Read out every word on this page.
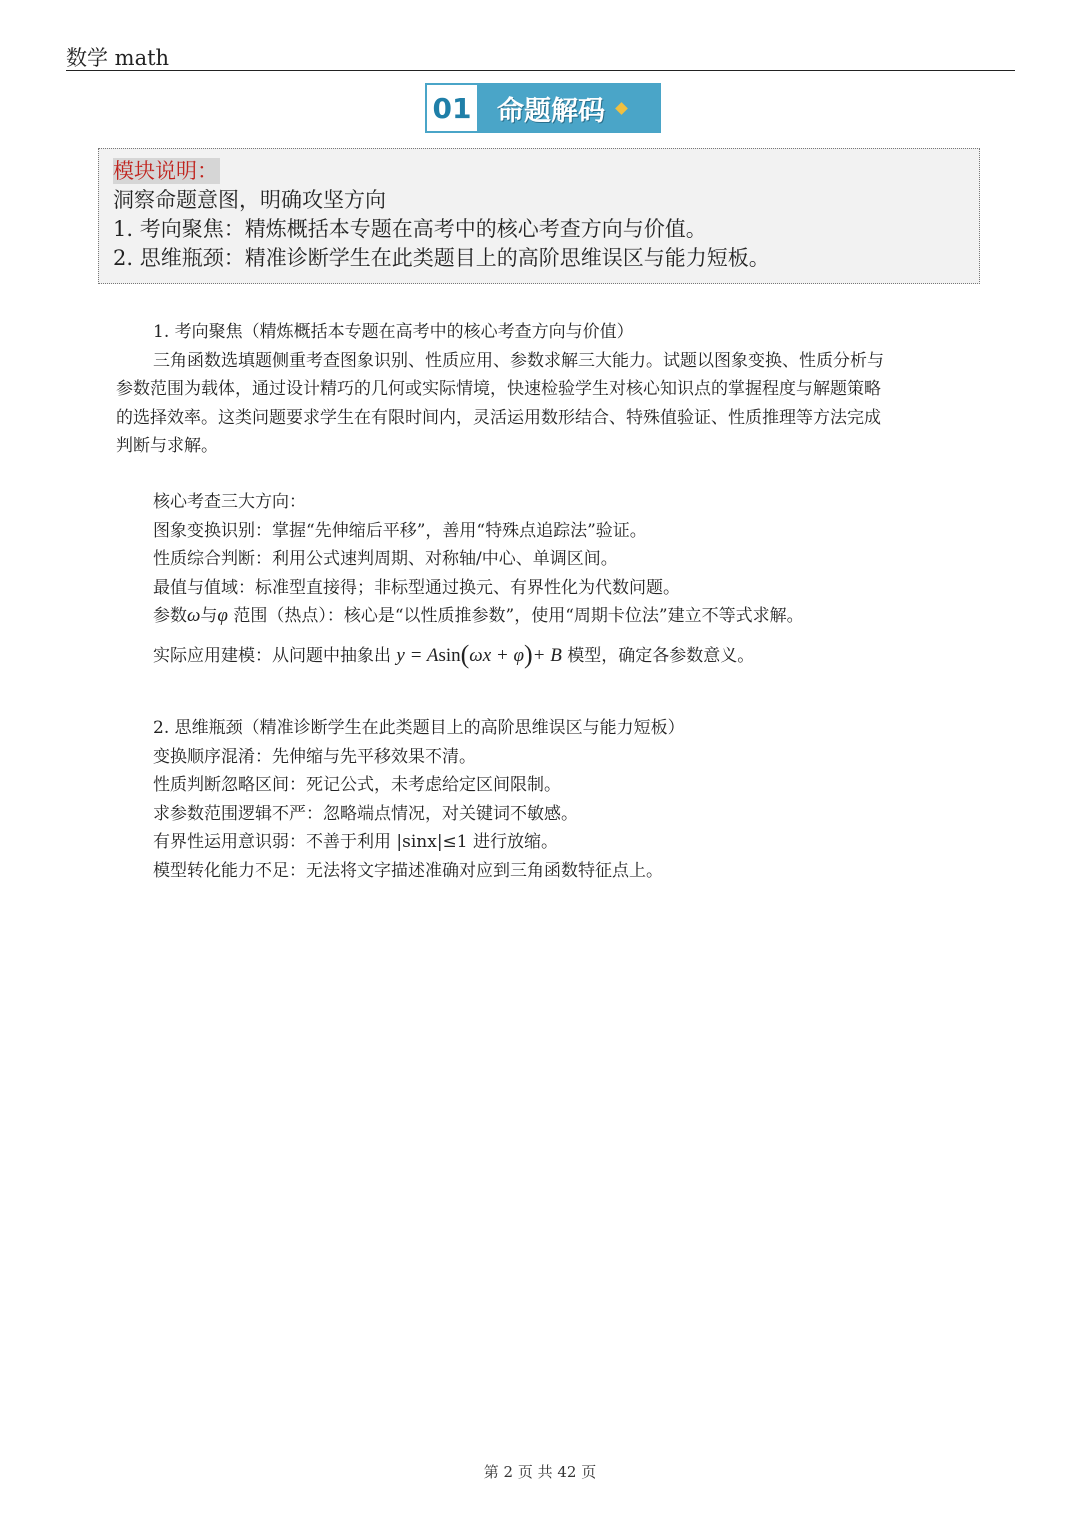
数学 math
01 命题解码
模块说明：
洞察命题意图，明确攻坚方向
1. 考向聚焦：精炼概括本专题在高考中的核心考查方向与价值。
2. 思维瓶颈：精准诊断学生在此类题目上的高阶思维误区与能力短板。
1. 考向聚焦（精炼概括本专题在高考中的核心考查方向与价值）
三角函数选填题侧重考查图象识别、性质应用、参数求解三大能力。试题以图象变换、性质分析与
参数范围为载体，通过设计精巧的几何或实际情境，快速检验学生对核心知识点的掌握程度与解题策略
的选择效率。这类问题要求学生在有限时间内，灵活运用数形结合、特殊值验证、性质推理等方法完成
判断与求解。
核心考查三大方向：
图象变换识别：掌握“先伸缩后平移”，善用“特殊点追踪法”验证。
性质综合判断：利用公式速判周期、对称轴/中心、单调区间。
最值与值域：标准型直接得；非标型通过换元、有界性化为代数问题。
参数ω与φ 范围（热点）：核心是“以性质推参数”，使用“周期卡位法”建立不等式求解。
实际应用建模：从问题中抽象出 y = Asin(ωx + φ)+ B 模型，确定各参数意义。
2. 思维瓶颈（精准诊断学生在此类题目上的高阶思维误区与能力短板）
变换顺序混淆：先伸缩与先平移效果不清。
性质判断忽略区间：死记公式，未考虑给定区间限制。
求参数范围逻辑不严：忽略端点情况，对关键词不敏感。
有界性运用意识弱：不善于利用 |sinx|≤1 进行放缩。
模型转化能力不足：无法将文字描述准确对应到三角函数特征点上。
第 2 页 共 42 页
